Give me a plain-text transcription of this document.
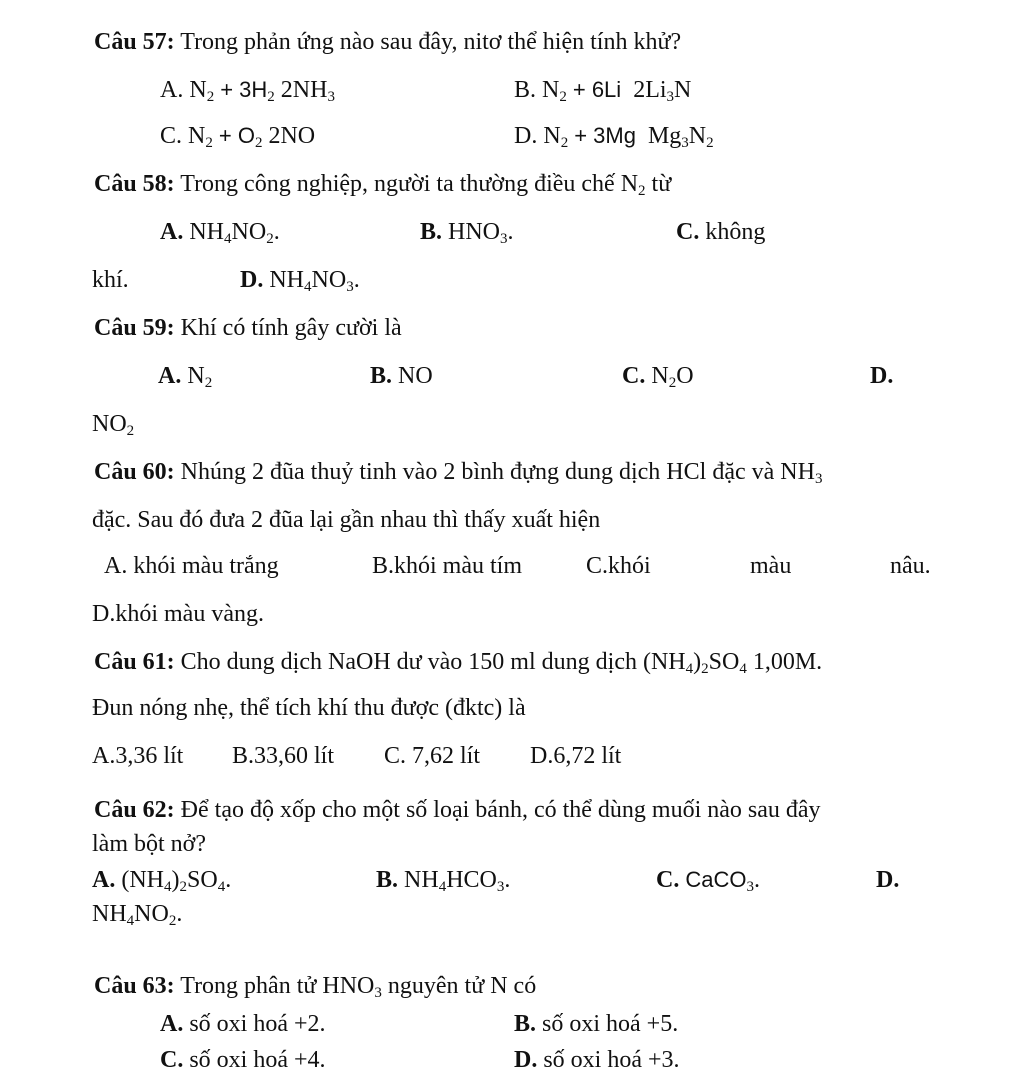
Câu 57: Trong phản ứng nào sau đây, nitơ thể hiện tính khử?
A. $N_2 + 3H_2$ $2NH_3$	B. $N_2 + 6Li$  $2Li_3N$
C. $N_2 + O_2$ 2NO	D. $N_2 + 3Mg$  $Mg_3N_2$
Câu 58: Trong công nghiệp, người ta thường điều chế $N_2$ từ
A. $NH_4NO_2$.	B. $HNO_3$.	C. không
khí.	D. $NH_4NO_3$.
Câu 59: Khí có tính gây cười là
A. $N_2$	B. NO	C. $N_2O$	D.
$NO_2$
Câu 60: Nhúng 2 đũa thuỷ tinh vào 2 bình đựng dung dịch HCl đặc và $NH_3$
đặc. Sau đó đưa 2 đũa lại gần nhau thì thấy xuất hiện
A. khói màu trắng	B.khói màu tím	C.khói	màu	nâu.
D.khói màu vàng.
Câu 61: Cho dung dịch NaOH dư vào 150 ml dung dịch $(NH_4)_2SO_4$ 1,00M.
Đun nóng nhẹ, thể tích khí thu được (đktc) là
A.3,36 lít B.33,60 lít C. 7,62 lít D.6,72 lít
Câu 62: Để tạo độ xốp cho một số loại bánh, có thể dùng muối nào sau đây
làm bột nở?
A. $(NH_4)_2SO_4$.	B. $NH_4HCO_3$.	C. CaCO$_3$.	D.
$NH_4NO_2$.
Câu 63: Trong phân tử $HNO_3$ nguyên tử N có
A. số oxi hoá +2.	B. số oxi hoá +5.
C. số oxi hoá +4.	D. số oxi hoá +3.
